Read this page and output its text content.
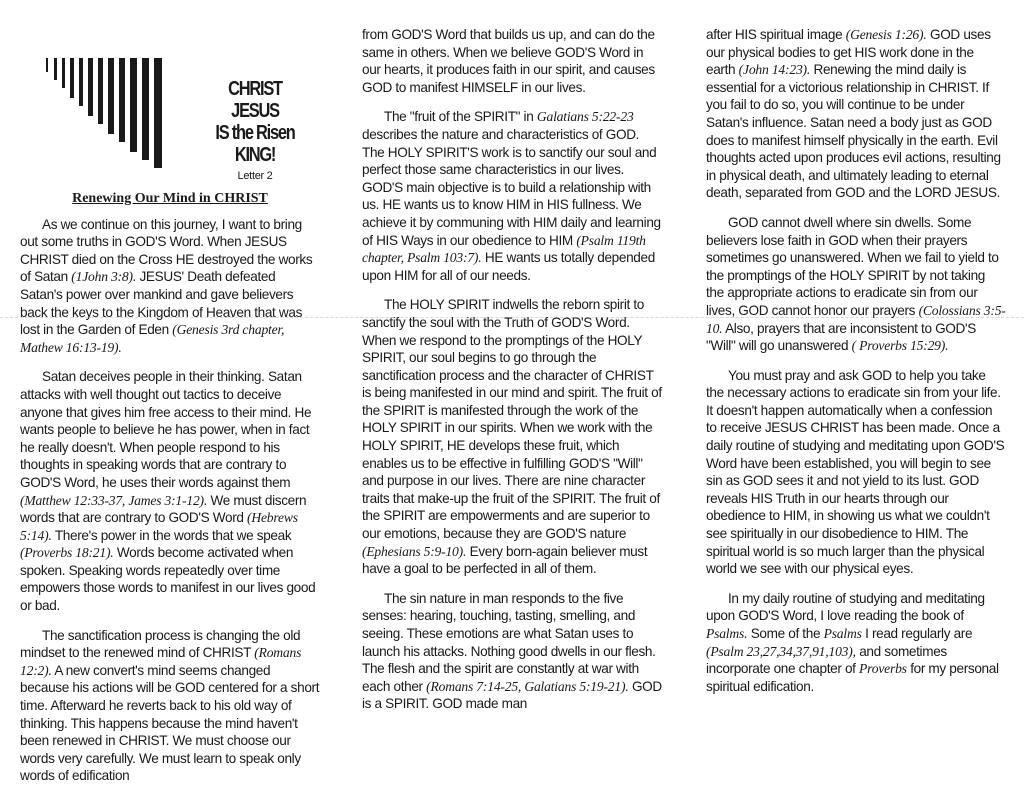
CHRIST JESUS
IS the Risen
KING!
Letter 2
Renewing Our Mind in CHRIST

As we continue on this journey, I want to bring out some truths in GOD'S Word. When JESUS CHRIST died on the Cross HE destroyed the works of Satan (1John 3:8). JESUS' Death defeated Satan's power over mankind and gave believers back the keys to the Kingdom of Heaven that was lost in the Garden of Eden (Genesis 3rd chapter, Mathew 16:13-19).

Satan deceives people in their thinking. Satan attacks with well thought out tactics to deceive anyone that gives him free access to their mind. He wants people to believe he has power, when in fact he really doesn't. When people respond to his thoughts in speaking words that are contrary to GOD'S Word, he uses their words against them (Matthew 12:33-37, James 3:1-12). We must discern words that are contrary to GOD'S Word (Hebrews 5:14). There's power in the words that we speak (Proverbs 18:21). Words become activated when spoken. Speaking words repeatedly over time empowers those words to manifest in our lives good or bad.

The sanctification process is changing the old mindset to the renewed mind of CHRIST (Romans 12:2). A new convert's mind seems changed because his actions will be GOD centered for a short time. Afterward he reverts back to his old way of thinking. This happens because the mind haven't been renewed in CHRIST. We must choose our words very carefully. We must learn to speak only words of edification

from GOD'S Word that builds us up, and can do the same in others. When we believe GOD'S Word in our hearts, it produces faith in our spirit, and causes GOD to manifest HIMSELF in our lives.

The "fruit of the SPIRIT" in Galatians 5:22-23 describes the nature and characteristics of GOD. The HOLY SPIRIT'S work is to sanctify our soul and perfect those same characteristics in our lives. GOD'S main objective is to build a relationship with us. HE wants us to know HIM in HIS fullness. We achieve it by communing with HIM daily and learning of HIS Ways in our obedience to HIM (Psalm 119th chapter, Psalm 103:7). HE wants us totally depended upon HIM for all of our needs.

The HOLY SPIRIT indwells the reborn spirit to sanctify the soul with the Truth of GOD'S Word. When we respond to the promptings of the HOLY SPIRIT, our soul begins to go through the sanctification process and the character of CHRIST is being manifested in our mind and spirit. The fruit of the SPIRIT is manifested through the work of the HOLY SPIRIT in our spirits. When we work with the HOLY SPIRIT, HE develops these fruit, which enables us to be effective in fulfilling GOD'S "Will" and purpose in our lives. There are nine character traits that make-up the fruit of the SPIRIT. The fruit of the SPIRIT are empowerments and are superior to our emotions, because they are GOD'S nature (Ephesians 5:9-10). Every born-again believer must have a goal to be perfected in all of them.

The sin nature in man responds to the five senses: hearing, touching, tasting, smelling, and seeing. These emotions are what Satan uses to launch his attacks. Nothing good dwells in our flesh. The flesh and the spirit are constantly at war with each other (Romans 7:14-25, Galatians 5:19-21). GOD is a SPIRIT. GOD made man

after HIS spiritual image (Genesis 1:26). GOD uses our physical bodies to get HIS work done in the earth (John 14:23). Renewing the mind daily is essential for a victorious relationship in CHRIST. If you fail to do so, you will continue to be under Satan's influence. Satan need a body just as GOD does to manifest himself physically in the earth. Evil thoughts acted upon produces evil actions, resulting in physical death, and ultimately leading to eternal death, separated from GOD and the LORD JESUS.

GOD cannot dwell where sin dwells. Some believers lose faith in GOD when their prayers sometimes go unanswered. When we fail to yield to the promptings of the HOLY SPIRIT by not taking the appropriate actions to eradicate sin from our lives, GOD cannot honor our prayers (Colossians 3:5-10. Also, prayers that are inconsistent to GOD'S "Will" will go unanswered ( Proverbs 15:29).

You must pray and ask GOD to help you take the necessary actions to eradicate sin from your life. It doesn't happen automatically when a confession to receive JESUS CHRIST has been made. Once a daily routine of studying and meditating upon GOD'S Word have been established, you will begin to see sin as GOD sees it and not yield to its lust. GOD reveals HIS Truth in our hearts through our obedience to HIM, in showing us what we couldn't see spiritually in our disobedience to HIM. The spiritual world is so much larger than the physical world we see with our physical eyes.

In my daily routine of studying and meditating upon GOD'S Word, I love reading the book of Psalms. Some of the Psalms I read regularly are (Psalm 23,27,34,37,91,103), and sometimes incorporate one chapter of Proverbs for my personal spiritual edification.
